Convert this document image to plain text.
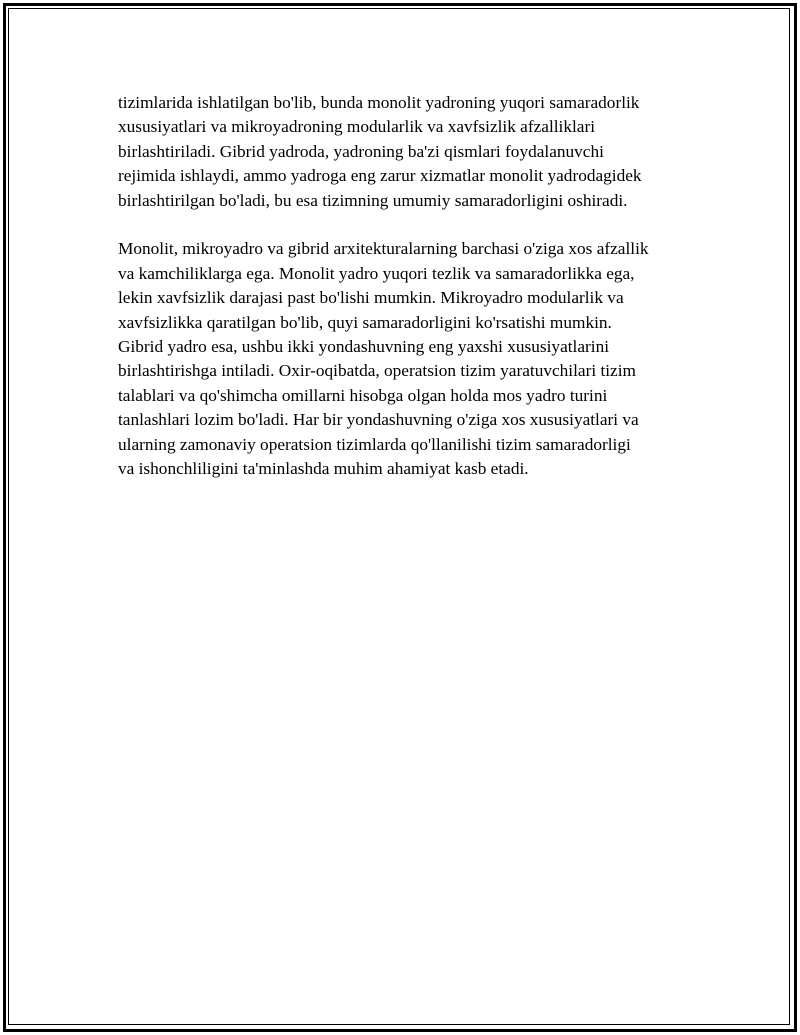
tizimlarida ishlatilgan bo'lib, bunda monolit yadroning yuqori samaradorlik
xususiyatlari va mikroyadroning modularlik va xavfsizlik afzalliklari
birlashtiriladi. Gibrid yadroda, yadroning ba'zi qismlari foydalanuvchi
rejimida ishlaydi, ammo yadroga eng zarur xizmatlar monolit yadrodagidek
birlashtirilgan bo'ladi, bu esa tizimning umumiy samaradorligini oshiradi.

Monolit, mikroyadro va gibrid arxitekturalarning barchasi o'ziga xos afzallik
va kamchiliklarga ega. Monolit yadro yuqori tezlik va samaradorlikka ega,
lekin xavfsizlik darajasi past bo'lishi mumkin. Mikroyadro modularlik va
xavfsizlikka qaratilgan bo'lib, quyi samaradorligini ko'rsatishi mumkin.
Gibrid yadro esa, ushbu ikki yondashuvning eng yaxshi xususiyatlarini
birlashtirishga intiladi. Oxir-oqibatda, operatsion tizim yaratuvchilari tizim
talablari va qo'shimcha omillarni hisobga olgan holda mos yadro turini
tanlashlari lozim bo'ladi. Har bir yondashuvning o'ziga xos xususiyatlari va
ularning zamonaviy operatsion tizimlarda qo'llanilishi tizim samaradorligi
va ishonchliligini ta'minlashda muhim ahamiyat kasb etadi.
